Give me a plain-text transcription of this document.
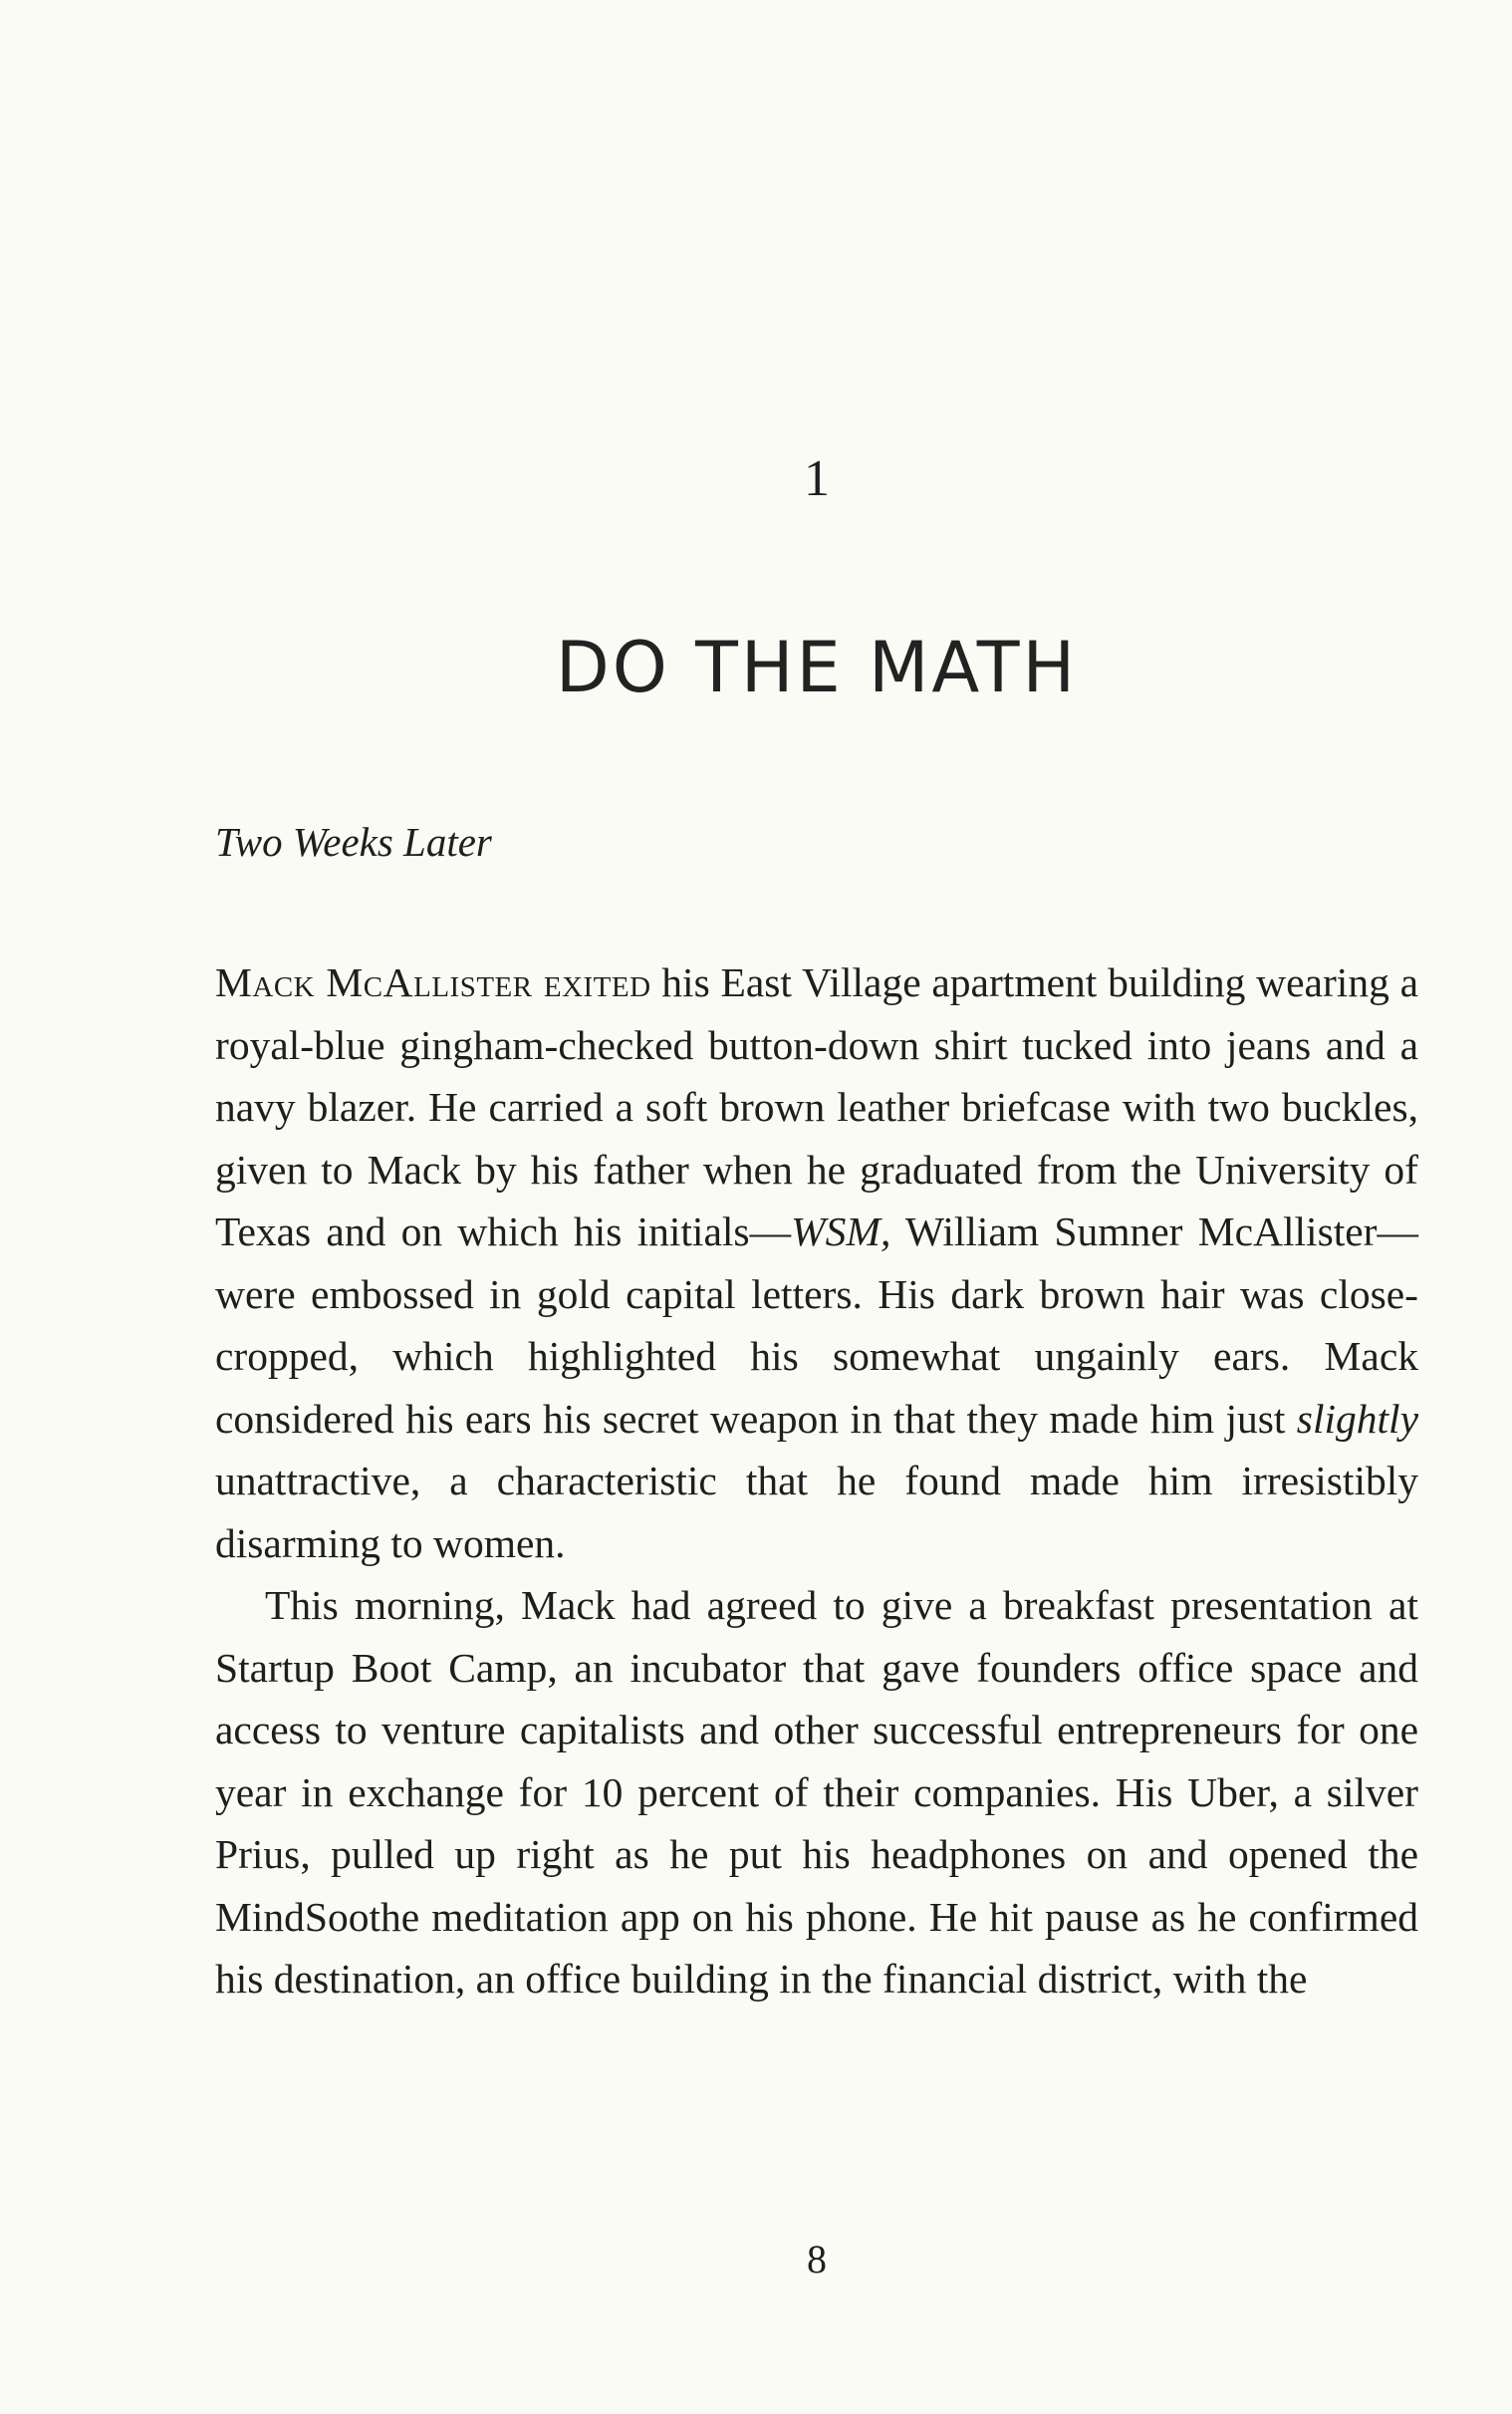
1
DO THE MATH
Two Weeks Later

Mack McAllister exited his East Village apartment building wearing a royal-blue gingham-checked button-down shirt tucked into jeans and a navy blazer. He carried a soft brown leather briefcase with two buckles, given to Mack by his father when he graduated from the University of Texas and on which his initials—WSM, William Sumner McAllister—were embossed in gold capital letters. His dark brown hair was close-cropped, which highlighted his somewhat ungainly ears. Mack considered his ears his secret weapon in that they made him just slightly unattractive, a characteristic that he found made him irresistibly disarming to women.

This morning, Mack had agreed to give a breakfast presentation at Startup Boot Camp, an incubator that gave founders office space and access to venture capitalists and other successful entrepreneurs for one year in exchange for 10 percent of their companies. His Uber, a silver Prius, pulled up right as he put his headphones on and opened the MindSoothe meditation app on his phone. He hit pause as he confirmed his destination, an office building in the financial district, with the

8
